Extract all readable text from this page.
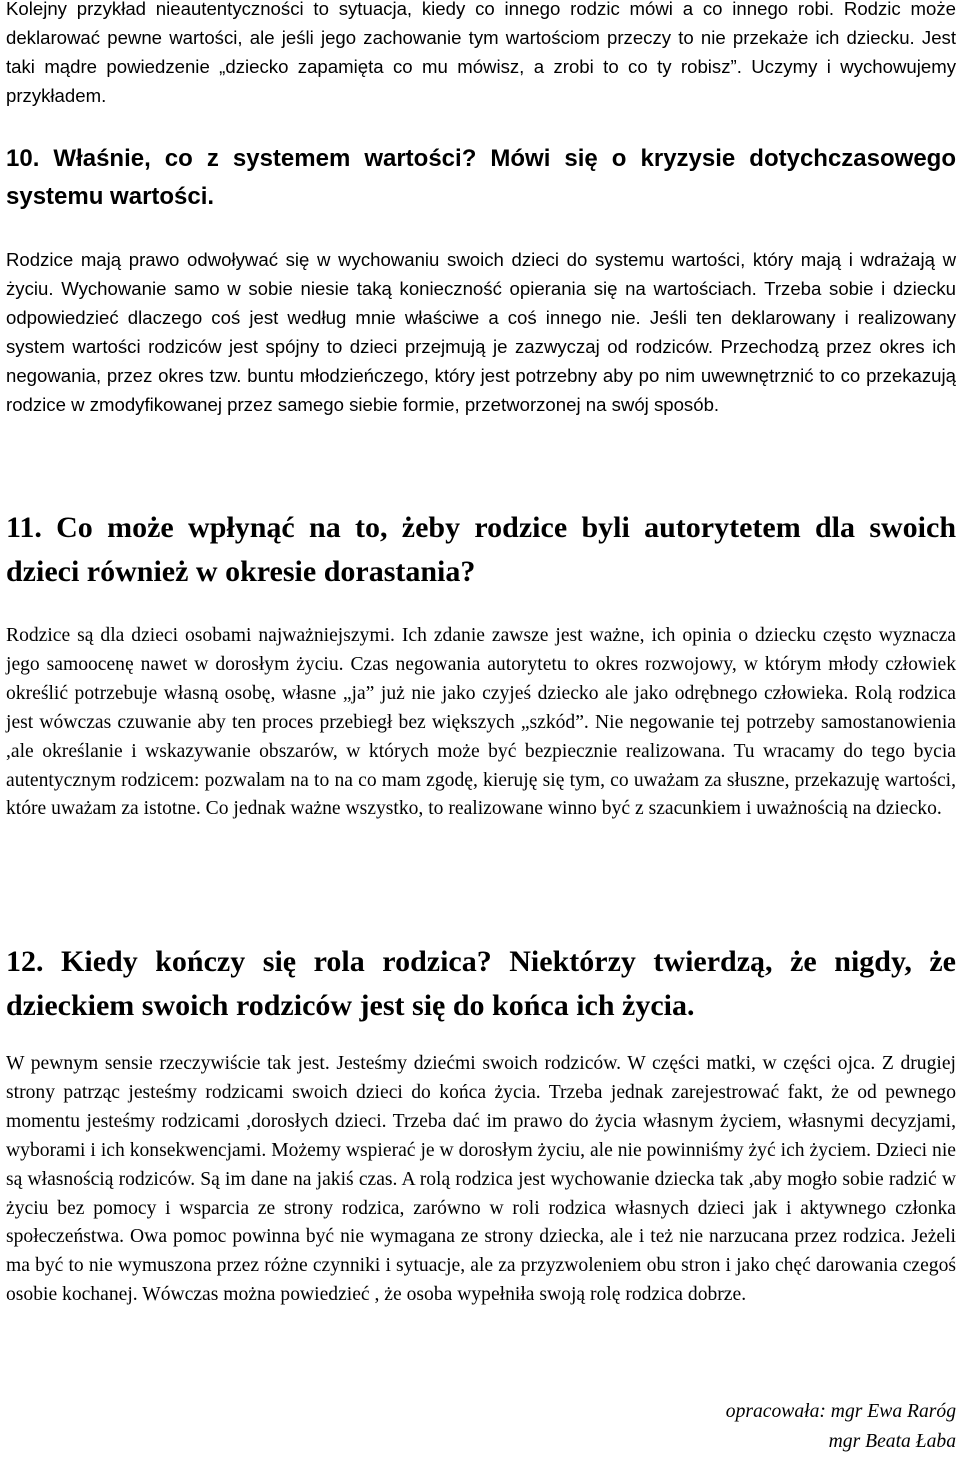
Kolejny przykład nieautentyczności to sytuacja, kiedy co innego rodzic mówi a co innego robi. Rodzic może deklarować pewne wartości, ale jeśli jego zachowanie tym wartościom przeczy to nie przekaże ich dziecku. Jest taki mądre powiedzenie „dziecko zapamięta co mu mówisz, a zrobi to co ty robisz”. Uczymy i wychowujemy przykładem.

10. Właśnie, co z systemem wartości? Mówi się o kryzysie dotychczasowego systemu wartości.

Rodzice mają prawo odwoływać się w wychowaniu swoich dzieci do systemu wartości, który mają i wdrażają w życiu. Wychowanie samo w sobie niesie taką konieczność opierania się na wartościach. Trzeba sobie i dziecku odpowiedzieć dlaczego coś jest według mnie właściwe a coś innego nie. Jeśli ten deklarowany i realizowany system wartości rodziców jest spójny to dzieci przejmują je zazwyczaj od rodziców. Przechodzą przez okres ich negowania, przez okres tzw. buntu młodzieńczego, który jest potrzebny aby po nim uwewnętrznić to co przekazują rodzice w zmodyfikowanej przez samego siebie formie, przetworzonej na swój sposób.

11. Co może wpłynąć na to, żeby rodzice byli autorytetem dla swoich dzieci również w okresie dorastania?

Rodzice są dla dzieci osobami najważniejszymi. Ich zdanie zawsze jest ważne, ich opinia o dziecku często wyznacza jego samoocenę nawet w dorosłym życiu. Czas negowania autorytetu to okres rozwojowy, w którym młody człowiek określić potrzebuje własną osobę, własne „ja” już nie jako czyjeś dziecko ale jako odrębnego człowieka. Rolą rodzica jest wówczas czuwanie aby ten proces przebiegł bez większych „szkód”. Nie negowanie tej potrzeby samostanowienia ,ale określanie i wskazywanie obszarów, w których może być bezpiecznie realizowana. Tu wracamy do tego bycia autentycznym rodzicem: pozwalam na to na co mam zgodę, kieruję się tym, co uważam za słuszne, przekazuję wartości, które uważam za istotne. Co jednak ważne wszystko, to realizowane winno być z szacunkiem i uważnością na dziecko.

12. Kiedy kończy się rola rodzica? Niektórzy twierdzą, że nigdy, że dzieckiem swoich rodziców jest się do końca ich życia.

W pewnym sensie rzeczywiście tak jest. Jesteśmy dziećmi swoich rodziców. W części matki, w części ojca. Z drugiej strony patrząc jesteśmy rodzicami swoich dzieci do końca życia. Trzeba jednak zarejestrować fakt, że od pewnego momentu jesteśmy rodzicami ,dorosłych dzieci. Trzeba dać im prawo do życia własnym życiem, własnymi decyzjami, wyborami i ich konsekwencjami. Możemy wspierać je w dorosłym życiu, ale nie powinniśmy żyć ich życiem. Dzieci nie są własnością rodziców. Są im dane na jakiś czas. A rolą rodzica jest wychowanie dziecka tak ,aby mogło sobie radzić w życiu bez pomocy i wsparcia ze strony rodzica, zarówno w roli rodzica własnych dzieci jak i aktywnego członka społeczeństwa. Owa pomoc powinna być nie wymagana ze strony dziecka, ale i też nie narzucana przez rodzica. Jeżeli ma być to nie wymuszona przez różne czynniki i sytuacje, ale za przyzwoleniem obu stron i jako chęć darowania czegoś osobie kochanej. Wówczas można powiedzieć , że osoba wypełniła swoją rolę rodzica dobrze.

opracowała: mgr Ewa Raróg
mgr Beata Łaba
